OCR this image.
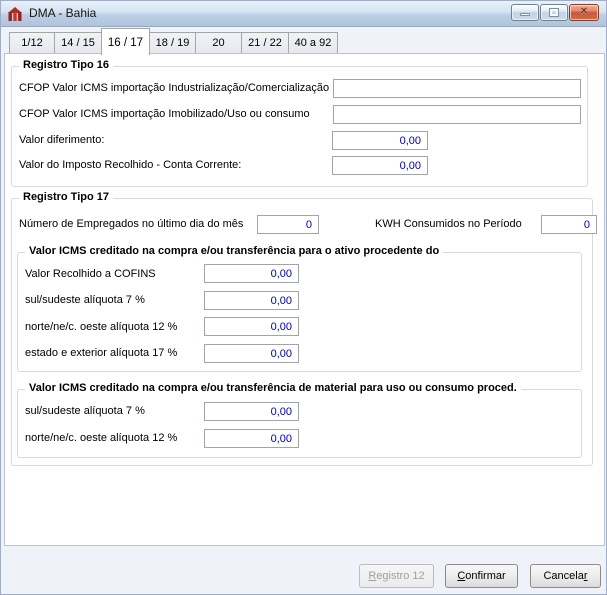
DMA - Bahia	✕
1/12	14 / 15	16 / 17	18 / 19	20	21 / 22	40 a 92
Registro Tipo 16
CFOP Valor ICMS importação Industrialização/Comercialização
CFOP Valor ICMS importação Imobilizado/Uso ou consumo
Valor diferimento:
0,00
Valor do Imposto Recolhido - Conta Corrente:
0,00
Registro Tipo 17
Número de Empregados no último dia do mês
0	KWH Consumidos no Período
0
Valor ICMS creditado na compra e/ou transferência para o ativo procedente do
Valor Recolhido a COFINS
0,00
sul/sudeste alíquota 7 %
0,00
norte/ne/c. oeste alíquota 12 %
0,00
estado e exterior alíquota 17 %
0,00
Valor ICMS creditado na compra e/ou transferência de material para uso ou consumo proced.
sul/sudeste alíquota 7 %
0,00
norte/ne/c. oeste alíquota 12 %
0,00
Registro 12	Confirmar	Cancelar
